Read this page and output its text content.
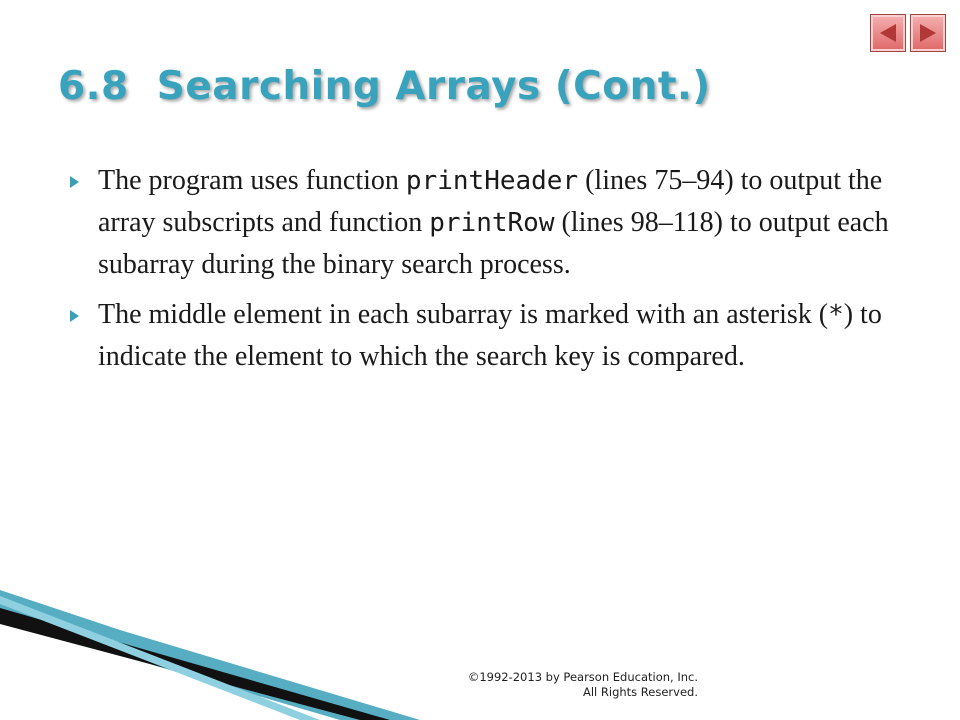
6.8  Searching Arrays (Cont.)
The program uses function printHeader (lines 75–94) to output the array subscripts and function printRow (lines 98–118) to output each subarray during the binary search process.
The middle element in each subarray is marked with an asterisk (*) to indicate the element to which the search key is compared.
©1992-2013 by Pearson Education, Inc.
All Rights Reserved.
